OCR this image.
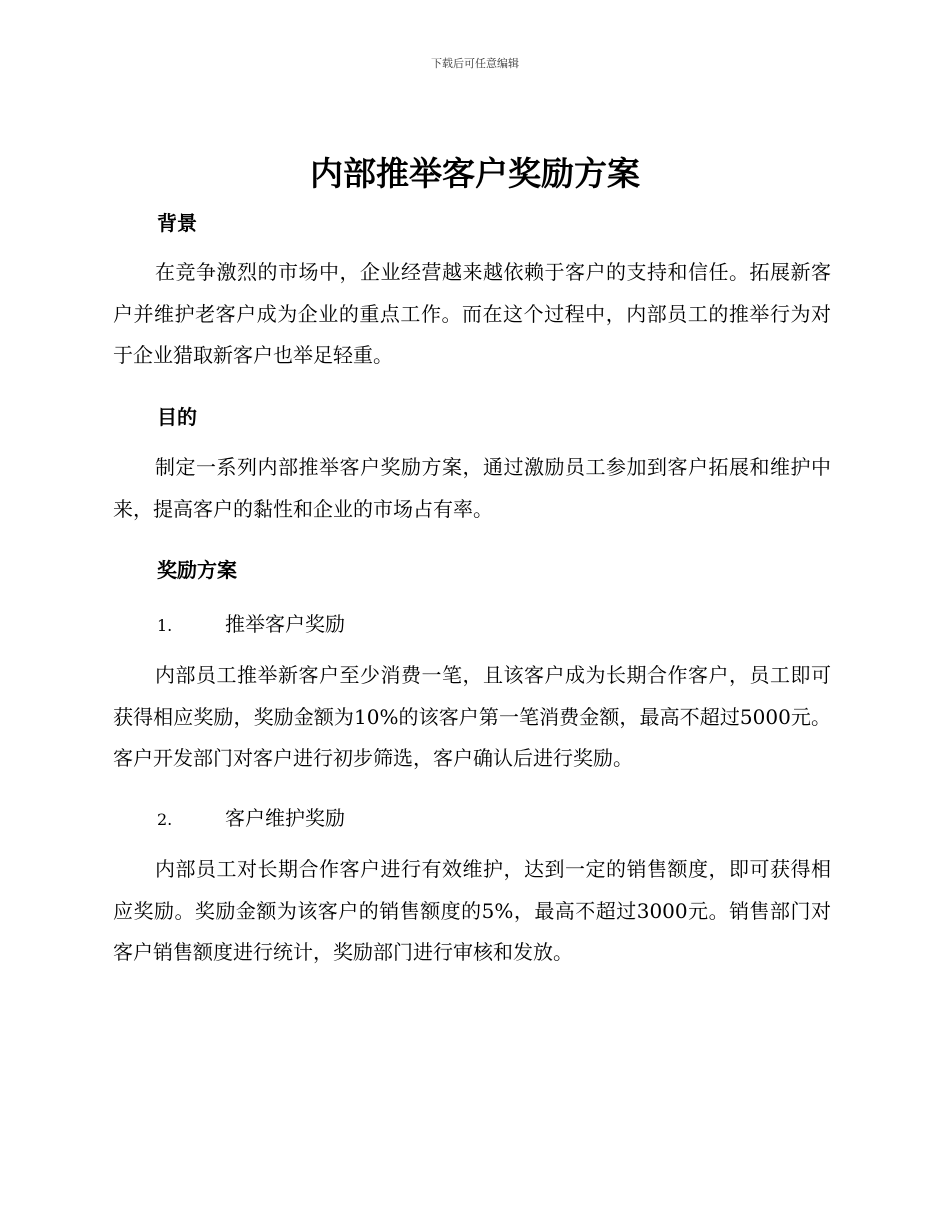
下载后可任意编辑
内部推举客户奖励方案
背景
在竞争激烈的市场中，企业经营越来越依赖于客户的支持和信任。拓展新客户并维护老客户成为企业的重点工作。而在这个过程中，内部员工的推举行为对于企业猎取新客户也举足轻重。
目的
制定一系列内部推举客户奖励方案，通过激励员工参加到客户拓展和维护中来，提高客户的黏性和企业的市场占有率。
奖励方案
1.	推举客户奖励
内部员工推举新客户至少消费一笔，且该客户成为长期合作客户，员工即可获得相应奖励，奖励金额为10%的该客户第一笔消费金额，最高不超过5000元。客户开发部门对客户进行初步筛选，客户确认后进行奖励。
2.	客户维护奖励
内部员工对长期合作客户进行有效维护，达到一定的销售额度，即可获得相应奖励。奖励金额为该客户的销售额度的5%，最高不超过3000元。销售部门对客户销售额度进行统计，奖励部门进行审核和发放。
